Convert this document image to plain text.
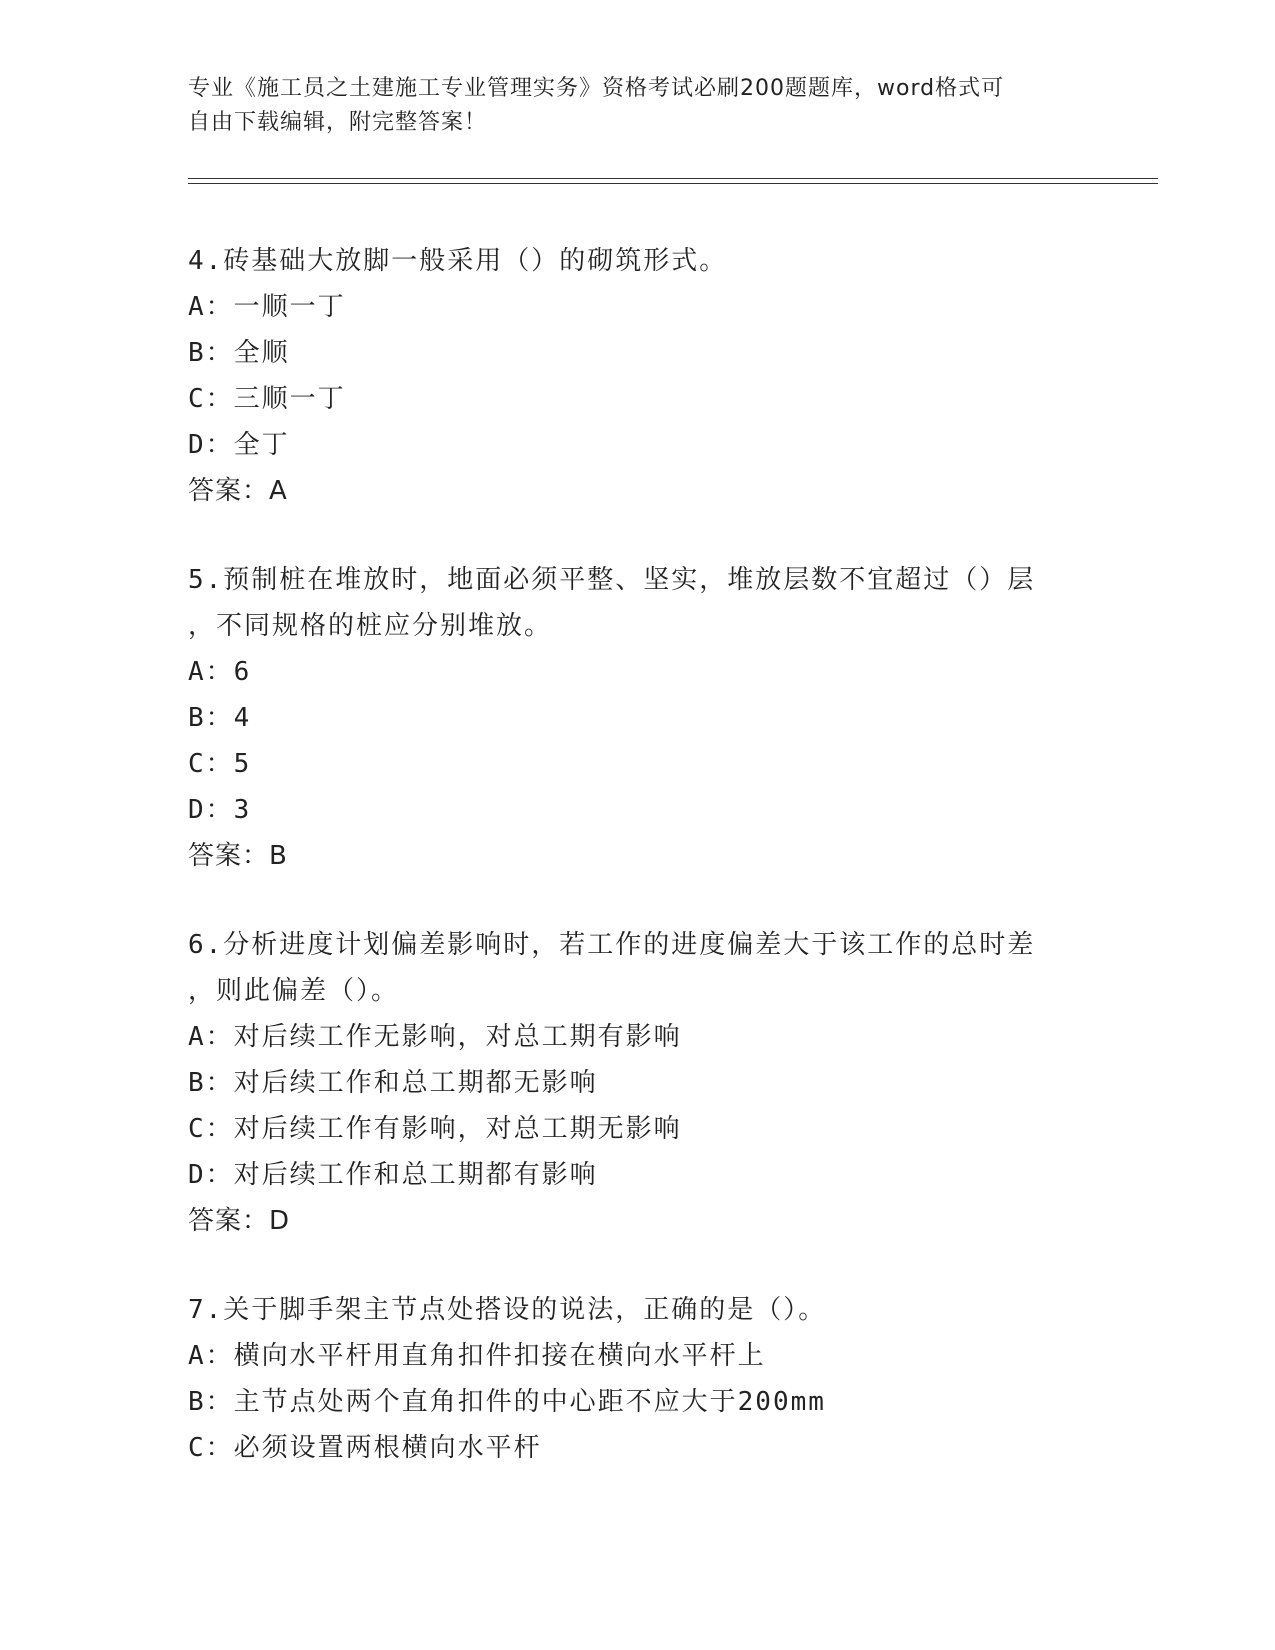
专业《施工员之土建施工专业管理实务》资格考试必刷200题题库，word格式可
自由下载编辑，附完整答案！
4.砖基础大放脚一般采用（）的砌筑形式。
A：一顺一丁
B：全顺
C：三顺一丁
D：全丁
答案：A
5.预制桩在堆放时，地面必须平整、坚实，堆放层数不宜超过（）层
，不同规格的桩应分别堆放。
A：6
B：4
C：5
D：3
答案：B
6.分析进度计划偏差影响时，若工作的进度偏差大于该工作的总时差
，则此偏差（）。
A：对后续工作无影响，对总工期有影响
B：对后续工作和总工期都无影响
C：对后续工作有影响，对总工期无影响
D：对后续工作和总工期都有影响
答案：D
7.关于脚手架主节点处搭设的说法，正确的是（）。
A：横向水平杆用直角扣件扣接在横向水平杆上
B：主节点处两个直角扣件的中心距不应大于200mm
C：必须设置两根横向水平杆
